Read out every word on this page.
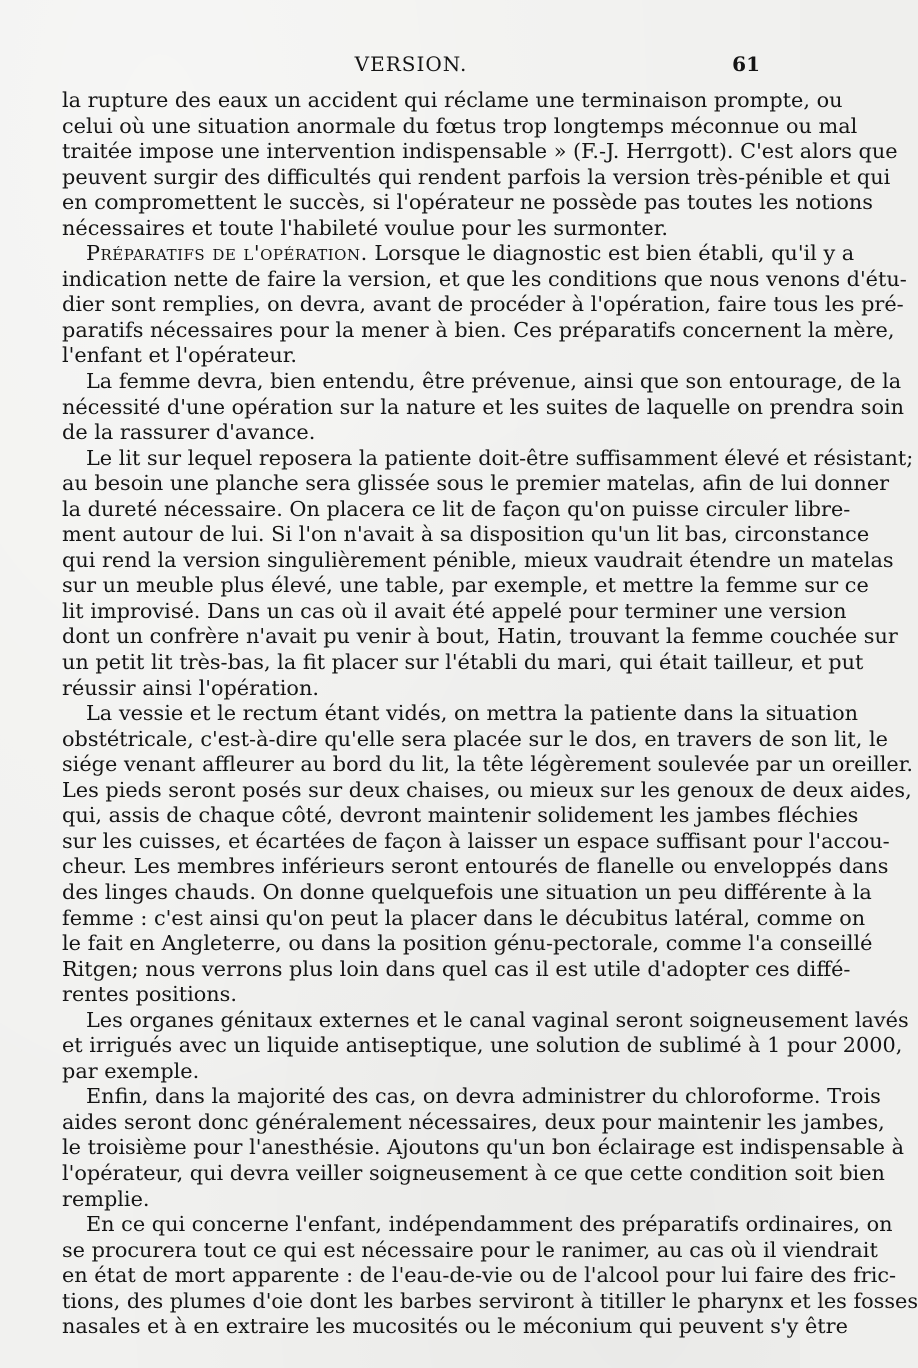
VERSION.	61

la rupture des eaux un accident qui réclame une terminaison prompte, ou
celui où une situation anormale du fœtus trop longtemps méconnue ou mal
traitée impose une intervention indispensable » (F.-J. Herrgott). C'est alors que
peuvent surgir des difficultés qui rendent parfois la version très-pénible et qui
en compromettent le succès, si l'opérateur ne possède pas toutes les notions
nécessaires et toute l'habileté voulue pour les surmonter.

Préparatifs de l'opération. Lorsque le diagnostic est bien établi, qu'il y a
indication nette de faire la version, et que les conditions que nous venons d'étu-
dier sont remplies, on devra, avant de procéder à l'opération, faire tous les pré-
paratifs nécessaires pour la mener à bien. Ces préparatifs concernent la mère,
l'enfant et l'opérateur.

La femme devra, bien entendu, être prévenue, ainsi que son entourage, de la
nécessité d'une opération sur la nature et les suites de laquelle on prendra soin
de la rassurer d'avance.

Le lit sur lequel reposera la patiente doit-être suffisamment élevé et résistant;
au besoin une planche sera glissée sous le premier matelas, afin de lui donner
la dureté nécessaire. On placera ce lit de façon qu'on puisse circuler libre-
ment autour de lui. Si l'on n'avait à sa disposition qu'un lit bas, circonstance
qui rend la version singulièrement pénible, mieux vaudrait étendre un matelas
sur un meuble plus élevé, une table, par exemple, et mettre la femme sur ce
lit improvisé. Dans un cas où il avait été appelé pour terminer une version
dont un confrère n'avait pu venir à bout, Hatin, trouvant la femme couchée sur
un petit lit très-bas, la fit placer sur l'établi du mari, qui était tailleur, et put
réussir ainsi l'opération.

La vessie et le rectum étant vidés, on mettra la patiente dans la situation
obstétricale, c'est-à-dire qu'elle sera placée sur le dos, en travers de son lit, le
siége venant affleurer au bord du lit, la tête légèrement soulevée par un oreiller.
Les pieds seront posés sur deux chaises, ou mieux sur les genoux de deux aides,
qui, assis de chaque côté, devront maintenir solidement les jambes fléchies
sur les cuisses, et écartées de façon à laisser un espace suffisant pour l'accou-
cheur. Les membres inférieurs seront entourés de flanelle ou enveloppés dans
des linges chauds. On donne quelquefois une situation un peu différente à la
femme : c'est ainsi qu'on peut la placer dans le décubitus latéral, comme on
le fait en Angleterre, ou dans la position génu-pectorale, comme l'a conseillé
Ritgen; nous verrons plus loin dans quel cas il est utile d'adopter ces diffé-
rentes positions.

Les organes génitaux externes et le canal vaginal seront soigneusement lavés
et irrigués avec un liquide antiseptique, une solution de sublimé à 1 pour 2000,
par exemple.

Enfin, dans la majorité des cas, on devra administrer du chloroforme. Trois
aides seront donc généralement nécessaires, deux pour maintenir les jambes,
le troisième pour l'anesthésie. Ajoutons qu'un bon éclairage est indispensable à
l'opérateur, qui devra veiller soigneusement à ce que cette condition soit bien
remplie.

En ce qui concerne l'enfant, indépendamment des préparatifs ordinaires, on
se procurera tout ce qui est nécessaire pour le ranimer, au cas où il viendrait
en état de mort apparente : de l'eau-de-vie ou de l'alcool pour lui faire des fric-
tions, des plumes d'oie dont les barbes serviront à titiller le pharynx et les fosses
nasales et à en extraire les mucosités ou le méconium qui peuvent s'y être
